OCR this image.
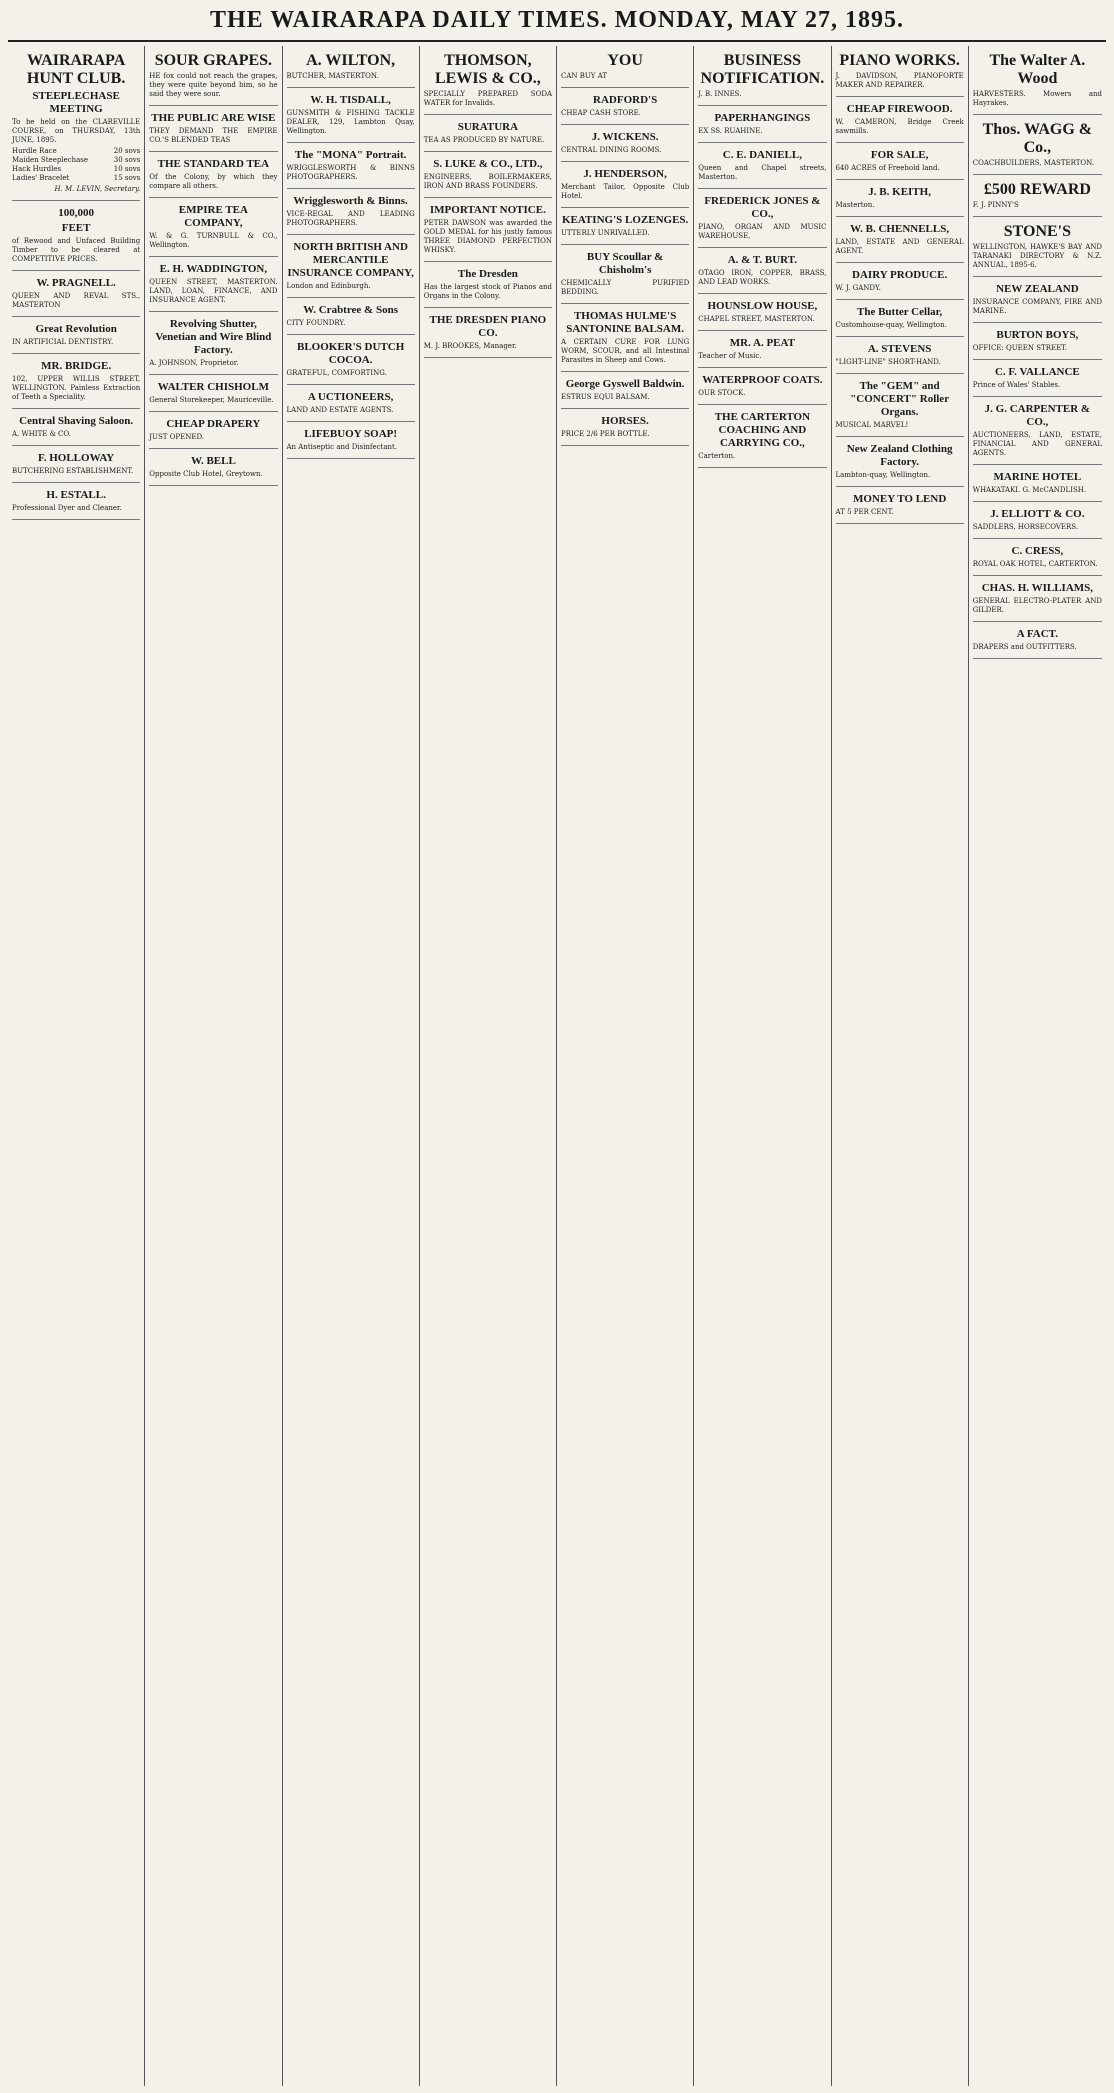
THE WAIRARAPA DAILY TIMES. MONDAY, MAY 27, 1895.
WAIRARAPA HUNT CLUB.
STEEPLECHASE MEETING
To be held on the CLAREVILLE COURSE, on THURSDAY, 13th JUNE, 1895.
Hurdle Race	20 sovs
Maiden Steeplechase	30 sovs
Hack Hurdles	10 sovs
Ladies' Bracelet	15 sovs
H. M. LEVIN, Secretary.
100,000
FEET
of Rewood and Unfaced Building Timber to be cleared at COMPETITIVE PRICES.
W. PRAGNELL.
QUEEN AND REVAL STS., MASTERTON
Great Revolution
IN ARTIFICIAL DENTISTRY.
MR. BRIDGE.
102, UPPER WILLIS STREET, WELLINGTON. Painless Extraction of Teeth a Speciality.
Central Shaving Saloon.
A. WHITE & CO.
F. HOLLOWAY
BUTCHERING ESTABLISHMENT.
H. ESTALL.
Professional Dyer and Cleaner.
SOUR GRAPES.
HE fox could not reach the grapes, they were quite beyond him, so he said they were sour.
THE PUBLIC ARE WISE
THEY DEMAND THE EMPIRE CO.'S BLENDED TEAS
THE STANDARD TEA
Of the Colony, by which they compare all others.
EMPIRE TEA COMPANY,
W. & G. TURNBULL & CO., Wellington.
E. H. WADDINGTON,
QUEEN STREET, MASTERTON. LAND, LOAN, FINANCE, AND INSURANCE AGENT.
Revolving Shutter, Venetian and Wire Blind Factory.
A. JOHNSON, Proprietor.
WALTER CHISHOLM
General Storekeeper, Mauriceville.
CHEAP DRAPERY
JUST OPENED.
W. BELL
Opposite Club Hotel, Greytown.
A. WILTON,
BUTCHER, MASTERTON.
W. H. TISDALL,
GUNSMITH & FISHING TACKLE DEALER, 129, Lambton Quay, Wellington.
The "MONA" Portrait.
WRIGGLESWORTH & BINNS PHOTOGRAPHERS.
Wrigglesworth & Binns.
VICE-REGAL AND LEADING PHOTOGRAPHERS.
NORTH BRITISH AND MERCANTILE INSURANCE COMPANY,
London and Edinburgh.
W. Crabtree & Sons
CITY FOUNDRY.
BLOOKER'S DUTCH COCOA.
GRATEFUL, COMFORTING.
A UCTIONEERS,
LAND AND ESTATE AGENTS.
LIFEBUOY SOAP!
An Antiseptic and Disinfectant.
THOMSON, LEWIS & CO.,
SPECIALLY PREPARED SODA WATER for Invalids.
SURATURA
TEA AS PRODUCED BY NATURE.
S. LUKE & CO., LTD.,
ENGINEERS, BOILERMAKERS, IRON AND BRASS FOUNDERS.
IMPORTANT NOTICE.
PETER DAWSON was awarded the GOLD MEDAL for his justly famous THREE DIAMOND PERFECTION WHISKY.
The Dresden
Has the largest stock of Pianos and Organs in the Colony.
THE DRESDEN PIANO CO.
M. J. BROOKES, Manager.
YOU
CAN BUY AT
RADFORD'S
CHEAP CASH STORE.
J. WICKENS.
CENTRAL DINING ROOMS.
J. HENDERSON,
Merchant Tailor, Opposite Club Hotel.
KEATING'S LOZENGES.
UTTERLY UNRIVALLED.
BUY Scoullar & Chisholm's
CHEMICALLY PURIFIED BEDDING.
THOMAS HULME'S SANTONINE BALSAM.
A CERTAIN CURE FOR LUNG WORM, SCOUR, and all Intestinal Parasites in Sheep and Cows.
George Gyswell Baldwin.
ESTRUS EQUI BALSAM.
HORSES.
PRICE 2/6 PER BOTTLE.
BUSINESS NOTIFICATION.
J. B. INNES.
PAPERHANGINGS
EX SS. RUAHINE.
C. E. DANIELL,
Queen and Chapel streets, Masterton.
FREDERICK JONES & CO.,
PIANO, ORGAN AND MUSIC WAREHOUSE.
A. & T. BURT.
OTAGO IRON, COPPER, BRASS, AND LEAD WORKS.
HOUNSLOW HOUSE,
CHAPEL STREET, MASTERTON.
MR. A. PEAT
Teacher of Music.
WATERPROOF COATS.
OUR STOCK.
THE CARTERTON COACHING AND CARRYING CO.,
Carterton.
PIANO WORKS.
J. DAVIDSON, PIANOFORTE MAKER AND REPAIRER.
CHEAP FIREWOOD.
W. CAMERON, Bridge Creek sawmills.
FOR SALE,
640 ACRES of Freehold land.
J. B. KEITH,
Masterton.
W. B. CHENNELLS,
LAND, ESTATE AND GENERAL AGENT.
DAIRY PRODUCE.
W. J. GANDY.
The Butter Cellar,
Customhouse-quay, Wellington.
A. STEVENS
"LIGHT-LINE" SHORT-HAND.
The "GEM" and "CONCERT" Roller Organs.
MUSICAL MARVEL!
New Zealand Clothing Factory.
Lambton-quay, Wellington.
MONEY TO LEND
AT 5 PER CENT.
The Walter A. Wood
HARVESTERS. Mowers and Hayrakes.
Thos. WAGG & Co.,
COACHBUILDERS, MASTERTON.
£500 REWARD
F. J. PINNY'S
STONE'S
WELLINGTON, HAWKE'S BAY AND TARANAKI DIRECTORY & N.Z. ANNUAL, 1895-6.
NEW ZEALAND
INSURANCE COMPANY, FIRE AND MARINE.
BURTON BOYS,
OFFICE: QUEEN STREET.
C. F. VALLANCE
Prince of Wales' Stables.
J. G. CARPENTER & CO.,
AUCTIONEERS, LAND, ESTATE, FINANCIAL AND GENERAL AGENTS.
MARINE HOTEL
WHAKATAKI. G. McCANDLISH.
J. ELLIOTT & CO.
SADDLERS. HORSECOVERS.
C. CRESS,
ROYAL OAK HOTEL, CARTERTON.
CHAS. H. WILLIAMS,
GENERAL ELECTRO-PLATER AND GILDER.
A FACT.
DRAPERS and OUTFITTERS.
